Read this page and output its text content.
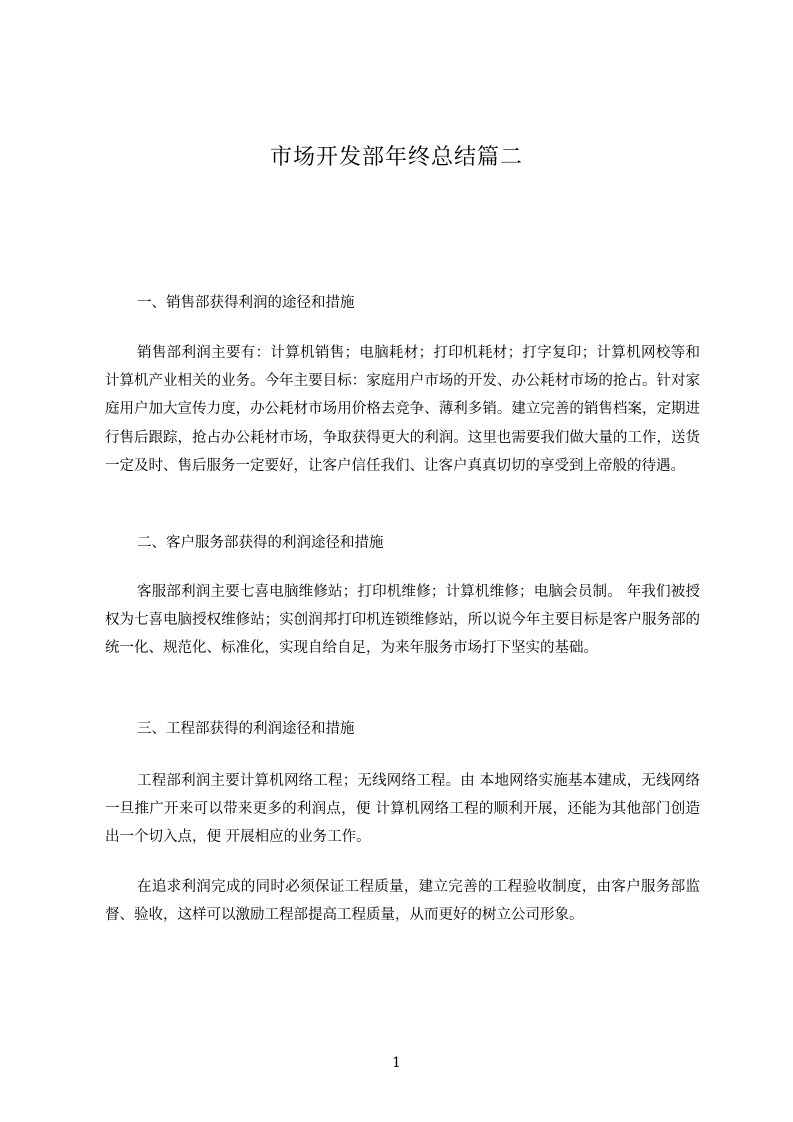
市场开发部年终总结篇二
一、销售部获得利润的途径和措施

销售部利润主要有：计算机销售；电脑耗材；打印机耗材；打字复印；计算机网校等和计算机产业相关的业务。今年主要目标：家庭用户市场的开发、办公耗材市场的抢占。针对家庭用户加大宣传力度，办公耗材市场用价格去竞争、薄利多销。建立完善的销售档案，定期进行售后跟踪，抢占办公耗材市场，争取获得更大的利润。这里也需要我们做大量的工作，送货一定及时、售后服务一定要好，让客户信任我们、让客户真真切切的享受到上帝般的待遇。

二、客户服务部获得的利润途径和措施

客服部利润主要七喜电脑维修站；打印机维修；计算机维修；电脑会员制。 年我们被授权为七喜电脑授权维修站；实创润邦打印机连锁维修站，所以说今年主要目标是客户服务部的统一化、规范化、标准化，实现自给自足，为来年服务市场打下坚实的基础。

三、工程部获得的利润途径和措施

工程部利润主要计算机网络工程；无线网络工程。由 本地网络实施基本建成，无线网络一旦推广开来可以带来更多的利润点，便 计算机网络工程的顺利开展，还能为其他部门创造出一个切入点，便 开展相应的业务工作。

在追求利润完成的同时必须保证工程质量，建立完善的工程验收制度，由客户服务部监督、验收，这样可以激励工程部提高工程质量，从而更好的树立公司形象。

1
